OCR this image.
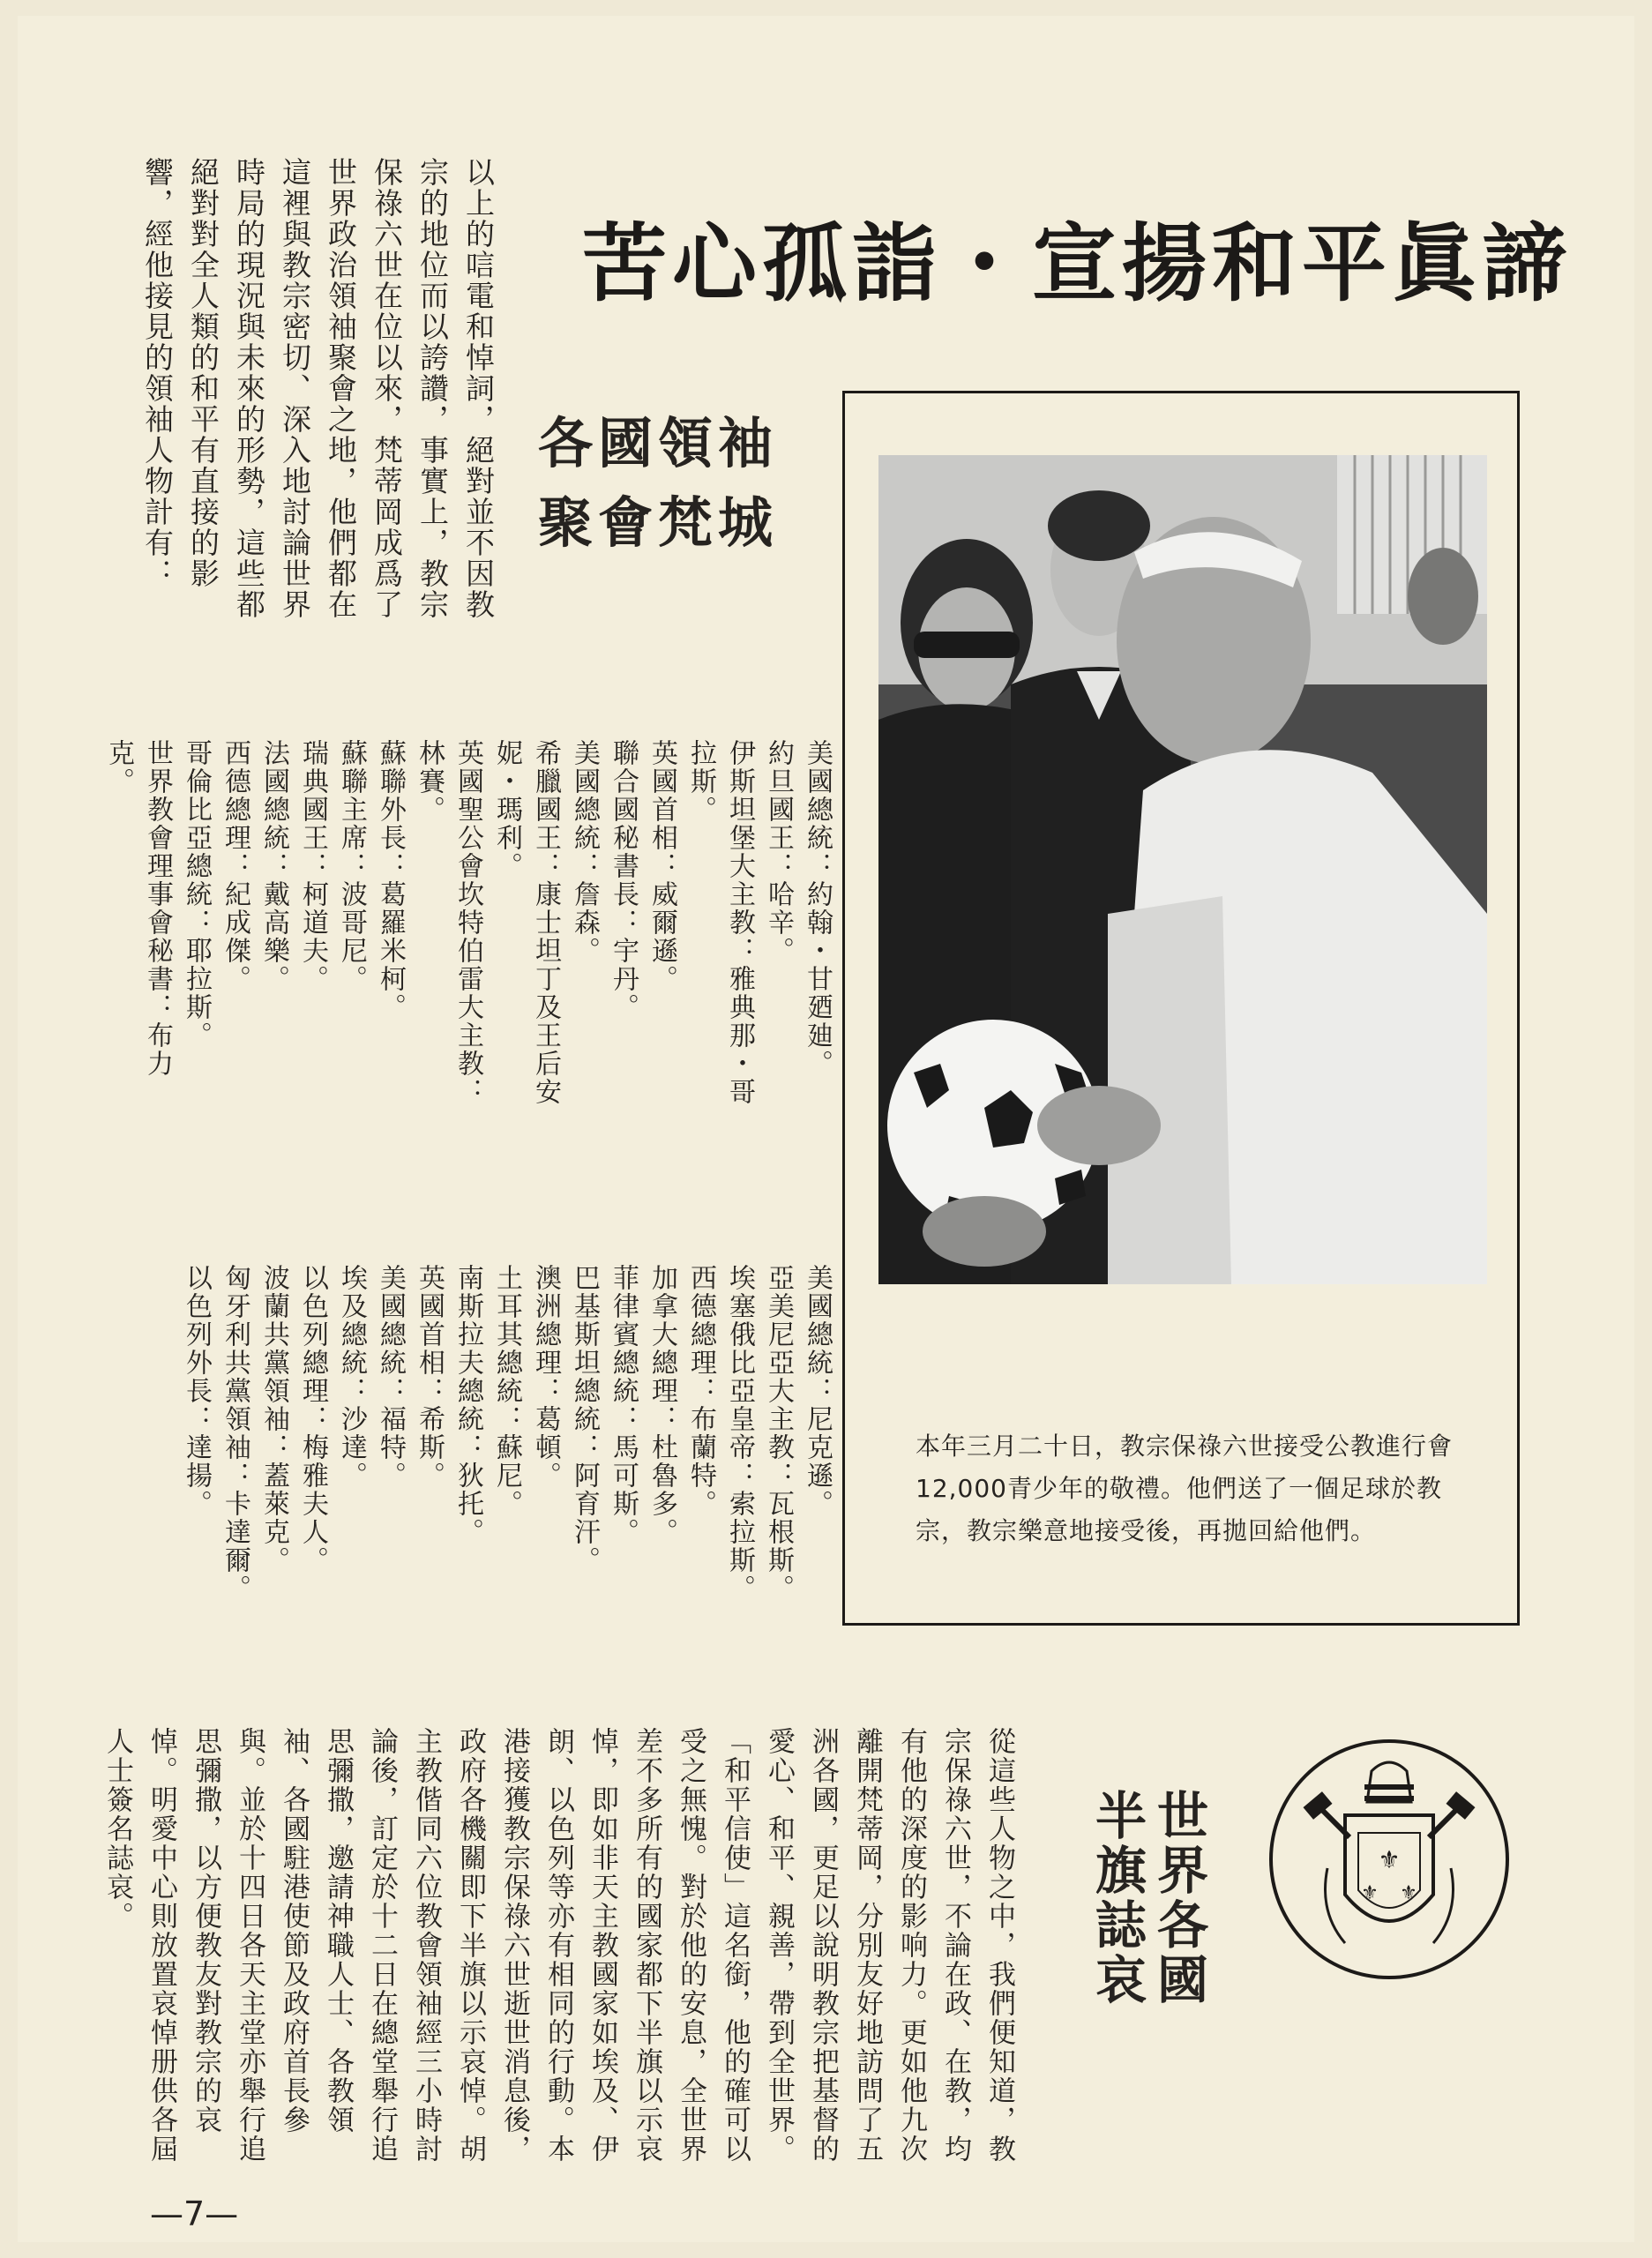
苦心孤詣・宣揚和平眞諦
各國領袖
聚會梵城
以上的唁電和悼詞，絕對並不因教宗的地位而以誇讚，事實上，教宗保祿六世在位以來，梵蒂岡成爲了世界政治領袖聚會之地，他們都在這裡與教宗密切、深入地討論世界時局的現況與未來的形勢，這些都絕對對全人類的和平有直接的影響，經他接見的領袖人物計有：
美國總統：約翰・甘廼廸。
約旦國王：哈辛。
伊斯坦堡大主教：雅典那・哥拉斯。
英國首相：威爾遜。
聯合國秘書長：宇丹。
美國總統：詹森。
希臘國王：康士坦丁及王后安妮・瑪利。
英國聖公會坎特伯雷大主教：林賽。
蘇聯外長：葛羅米柯。
蘇聯主席：波哥尼。
瑞典國王：柯道夫。
法國總統：戴高樂。
西德總理：紀成傑。
哥倫比亞總統：耶拉斯。
世界教會理事會秘書：布力克。
美國總統：尼克遜。
亞美尼亞大主教：瓦根斯。
埃塞俄比亞皇帝：索拉斯。
西德總理：布蘭特。
加拿大總理：杜魯多。
菲律賓總統：馬可斯。
巴基斯坦總統：阿育汗。
澳洲總理：葛頓。
土耳其總統：蘇尼。
南斯拉夫總統：狄托。
英國首相：希斯。
美國總統：福特。
埃及總統：沙達。
以色列總理：梅雅夫人。
波蘭共黨領袖：蓋萊克。
匈牙利共黨領袖：卡達爾。
以色列外長：達揚。	本年三月二十日，教宗保祿六世接受公教進行會12,000青少年的敬禮。他們送了一個足球於教宗，教宗樂意地接受後，再拋回給他們。
⚜
⚜ ⚜
世界各國
半旗誌哀
從這些人物之中，我們便知道，教宗保祿六世，不論在政、在教，均有他的深度的影响力。更如他九次離開梵蒂岡，分別友好地訪問了五洲各國，更足以說明教宗把基督的愛心、和平、親善，帶到全世界。「和平信使」這名銜，他的確可以受之無愧。對於他的安息，全世界差不多所有的國家都下半旗以示哀悼，即如非天主教國家如埃及、伊朗、以色列等亦有相同的行動。本港接獲教宗保祿六世逝世消息後，政府各機關即下半旗以示哀悼。胡主教偕同六位教會領袖經三小時討論後，訂定於十二日在總堂舉行追思彌撒，邀請神職人士、各教領袖、各國駐港使節及政府首長參與。並於十四日各天主堂亦舉行追思彌撒，以方便教友對教宗的哀悼。明愛中心則放置哀悼册供各屆人士簽名誌哀。
—7—
